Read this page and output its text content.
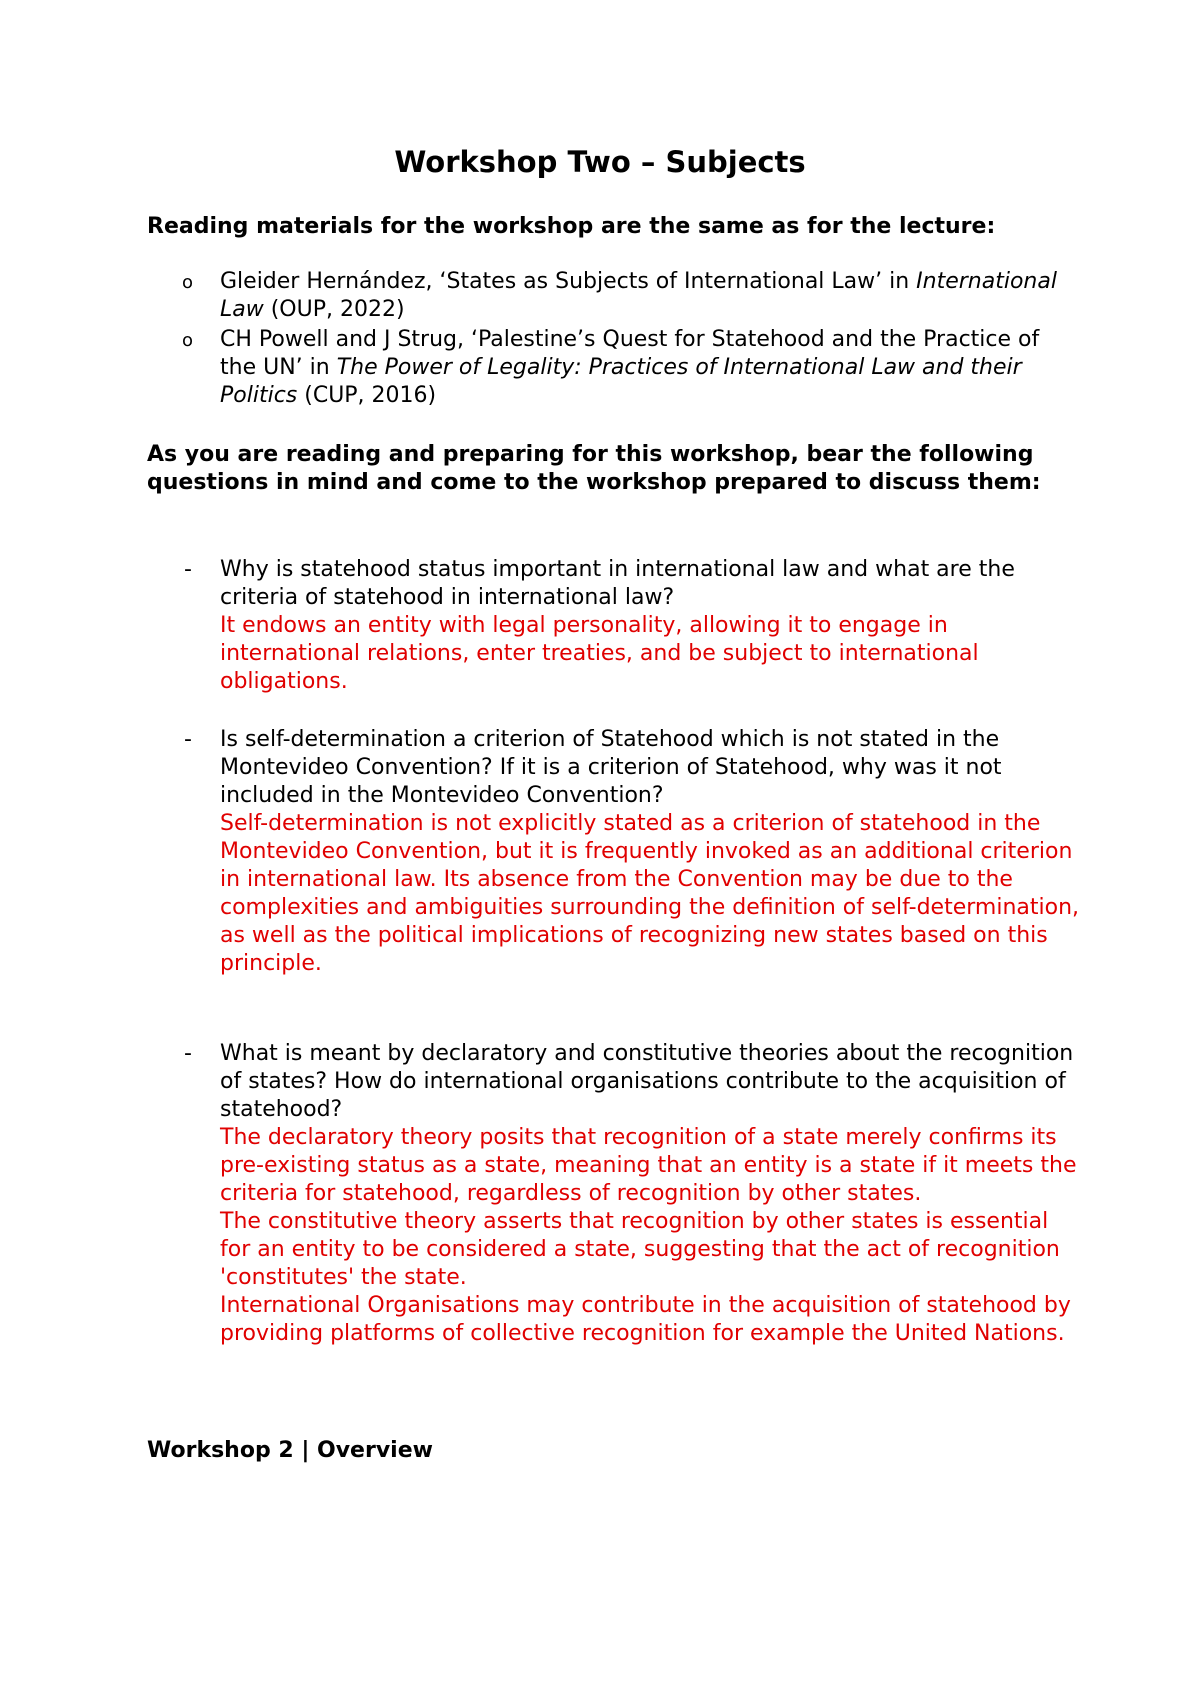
Workshop Two – Subjects

Reading materials for the workshop are the same as for the lecture:

o Gleider Hernández, ‘States as Subjects of International Law’ in International Law (OUP, 2022)

o CH Powell and J Strug, ‘Palestine’s Quest for Statehood and the Practice of the UN’ in The Power of Legality: Practices of International Law and their Politics (CUP, 2016)

As you are reading and preparing for this workshop, bear the following questions in mind and come to the workshop prepared to discuss them:

- Why is statehood status important in international law and what are the criteria of statehood in international law?
It endows an entity with legal personality, allowing it to engage in international relations, enter treaties, and be subject to international obligations.
- Is self-determination a criterion of Statehood which is not stated in the Montevideo Convention? If it is a criterion of Statehood, why was it not included in the Montevideo Convention?
Self-determination is not explicitly stated as a criterion of statehood in the Montevideo Convention, but it is frequently invoked as an additional criterion in international law. Its absence from the Convention may be due to the complexities and ambiguities surrounding the definition of self-determination, as well as the political implications of recognizing new states based on this principle.
- What is meant by declaratory and constitutive theories about the recognition of states? How do international organisations contribute to the acquisition of statehood?
The declaratory theory posits that recognition of a state merely confirms its pre-existing status as a state, meaning that an entity is a state if it meets the criteria for statehood, regardless of recognition by other states.
The constitutive theory asserts that recognition by other states is essential for an entity to be considered a state, suggesting that the act of recognition 'constitutes' the state.
International Organisations may contribute in the acquisition of statehood by providing platforms of collective recognition for example the United Nations.

Workshop 2 | Overview
